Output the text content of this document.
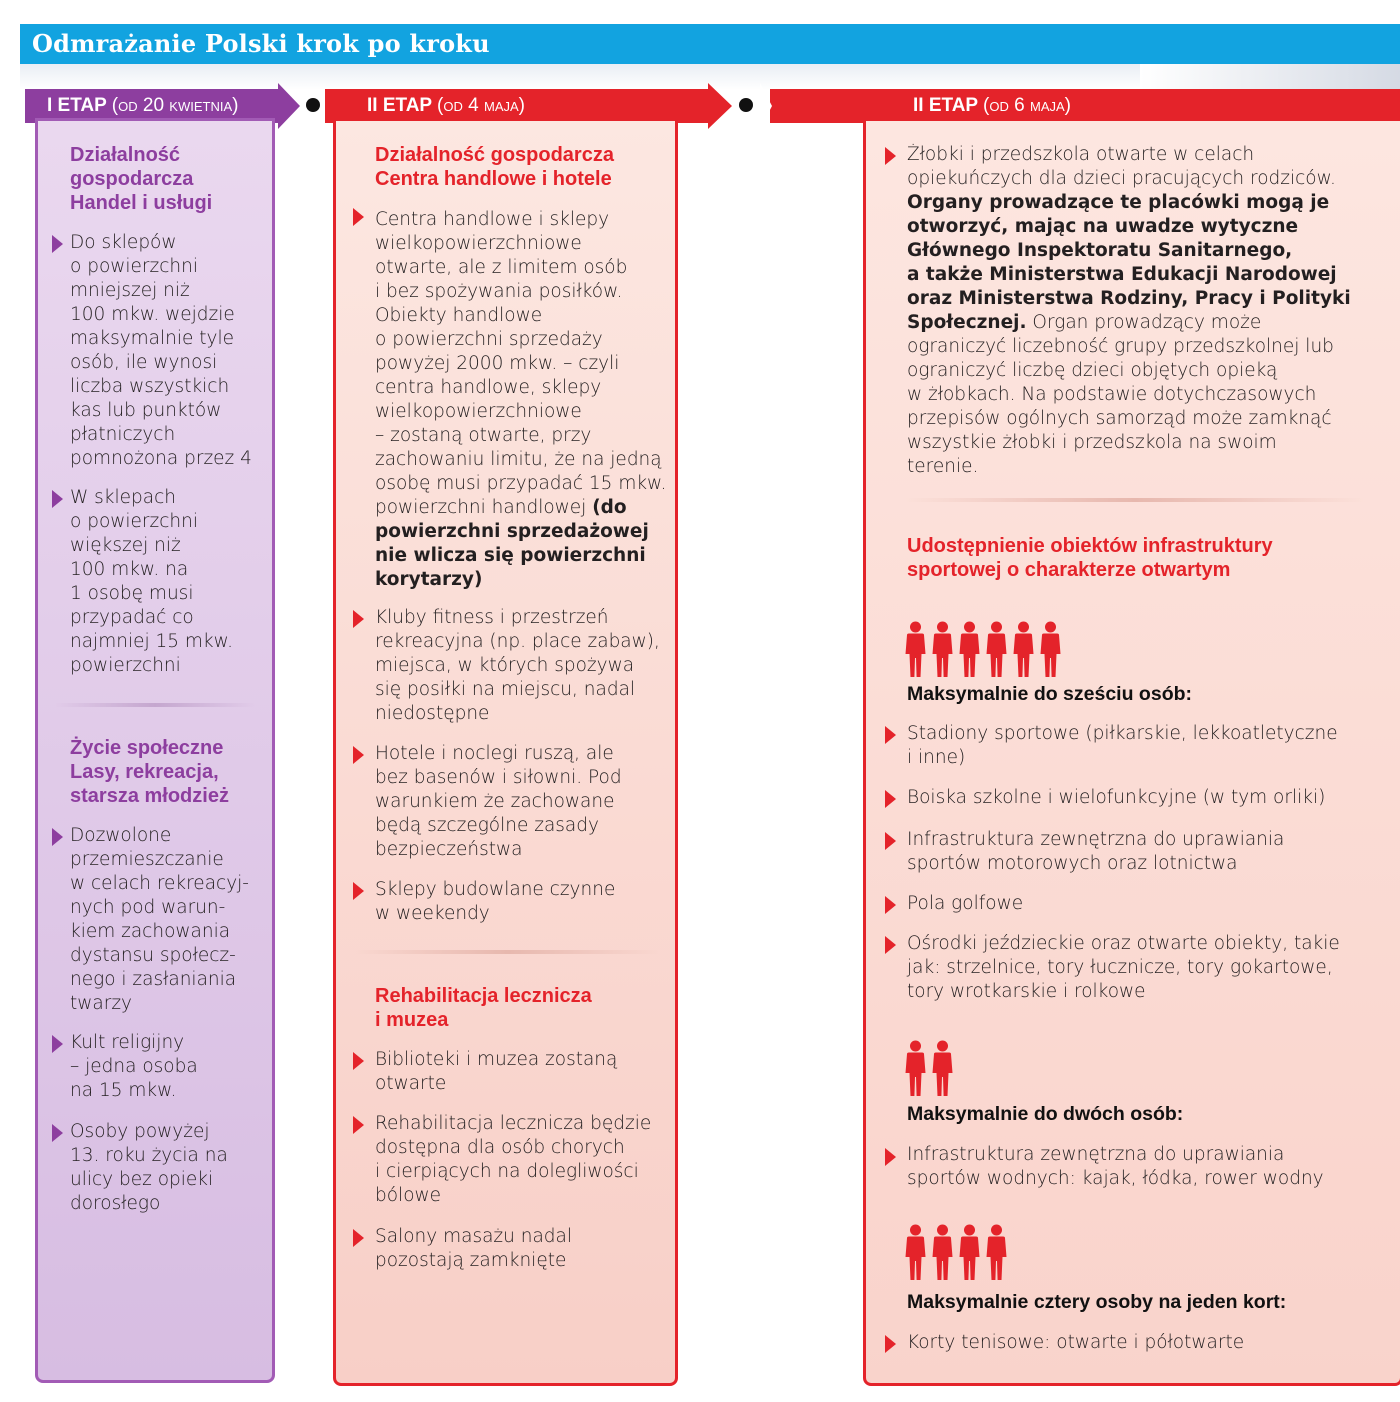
Odmrażanie Polski krok po kroku
I ETAP (od 20 kwietnia)	II ETAP (od 4 maja)	II ETAP (od 6 maja)
Działalność
gospodarcza
Handel i usługi
Do sklepów
o powierzchni
mniejszej niż
100 mkw. wejdzie
maksymalnie tyle
osób, ile wynosi
liczba wszystkich
kas lub punktów
płatniczych
pomnożona przez 4
W sklepach
o powierzchni
większej niż
100 mkw. na
1 osobę musi
przypadać co
najmniej 15 mkw.
powierzchni
Życie społeczne
Lasy, rekreacja,
starsza młodzież
Dozwolone
przemieszczanie
w celach rekreacyj-
nych pod warun-
kiem zachowania
dystansu społecz-
nego i zasłaniania
twarzy
Kult religijny
– jedna osoba
na 15 mkw.
Osoby powyżej
13. roku życia na
ulicy bez opieki
dorosłego
Działalność gospodarcza
Centra handlowe i hotele
Centra handlowe i sklepy
wielkopowierzchniowe
otwarte, ale z limitem osób
i bez spożywania posiłków.
Obiekty handlowe
o powierzchni sprzedaży
powyżej 2000 mkw. – czyli
centra handlowe, sklepy
wielkopowierzchniowe
– zostaną otwarte, przy
zachowaniu limitu, że na jedną
osobę musi przypadać 15 mkw.
powierzchni handlowej (do
powierzchni sprzedażowej
nie wlicza się powierzchni
korytarzy)
Kluby fitness i przestrzeń
rekreacyjna (np. place zabaw),
miejsca, w których spożywa
się posiłki na miejscu, nadal
niedostępne
Hotele i noclegi ruszą, ale
bez basenów i siłowni. Pod
warunkiem że zachowane
będą szczególne zasady
bezpieczeństwa
Sklepy budowlane czynne
w weekendy
Rehabilitacja lecznicza
i muzea
Biblioteki i muzea zostaną
otwarte
Rehabilitacja lecznicza będzie
dostępna dla osób chorych
i cierpiących na dolegliwości
bólowe
Salony masażu nadal
pozostają zamknięte
Żłobki i przedszkola otwarte w celach
opiekuńczych dla dzieci pracujących rodziców.
Organy prowadzące te placówki mogą je
otworzyć, mając na uwadze wytyczne
Głównego Inspektoratu Sanitarnego,
a także Ministerstwa Edukacji Narodowej
oraz Ministerstwa Rodziny, Pracy i Polityki
Społecznej. Organ prowadzący może
ograniczyć liczebność grupy przedszkolnej lub
ograniczyć liczbę dzieci objętych opieką
w żłobkach. Na podstawie dotychczasowych
przepisów ogólnych samorząd może zamknąć
wszystkie żłobki i przedszkola na swoim
terenie.
Udostępnienie obiektów infrastruktury
sportowej o charakterze otwartym
Maksymalnie do sześciu osób:
Stadiony sportowe (piłkarskie, lekkoatletyczne
i inne)
Boiska szkolne i wielofunkcyjne (w tym orliki)
Infrastruktura zewnętrzna do uprawiania
sportów motorowych oraz lotnictwa
Pola golfowe
Ośrodki jeździeckie oraz otwarte obiekty, takie
jak: strzelnice, tory łucznicze, tory gokartowe,
tory wrotkarskie i rolkowe
Maksymalnie do dwóch osób:
Infrastruktura zewnętrzna do uprawiania
sportów wodnych: kajak, łódka, rower wodny
Maksymalnie cztery osoby na jeden kort:
Korty tenisowe: otwarte i półotwarte
